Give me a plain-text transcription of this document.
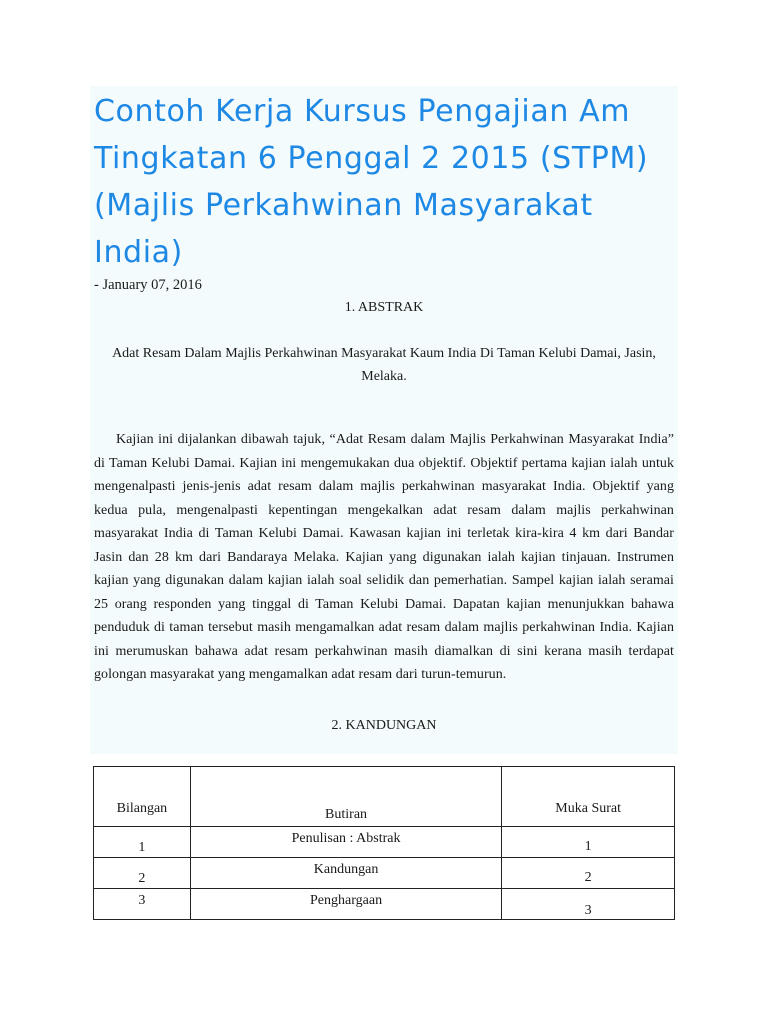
Contoh Kerja Kursus Pengajian Am Tingkatan 6 Penggal 2 2015 (STPM) (Majlis Perkahwinan Masyarakat India)

- January 07, 2016

1. ABSTRAK

Adat Resam Dalam Majlis Perkahwinan Masyarakat Kaum India Di Taman Kelubi Damai, Jasin, Melaka.

Kajian ini dijalankan dibawah tajuk, “Adat Resam dalam Majlis Perkahwinan Masyarakat India” di Taman Kelubi Damai. Kajian ini mengemukakan dua objektif. Objektif pertama kajian ialah untuk mengenalpasti jenis-jenis adat resam dalam majlis perkahwinan masyarakat India. Objektif yang kedua pula, mengenalpasti kepentingan mengekalkan adat resam dalam majlis perkahwinan masyarakat India di Taman Kelubi Damai. Kawasan kajian ini terletak kira-kira 4 km dari Bandar Jasin dan 28 km dari Bandaraya Melaka. Kajian yang digunakan ialah kajian tinjauan. Instrumen kajian yang digunakan dalam kajian ialah soal selidik dan pemerhatian. Sampel kajian ialah seramai 25 orang responden yang tinggal di Taman Kelubi Damai. Dapatan kajian menunjukkan bahawa penduduk di taman tersebut masih mengamalkan adat resam dalam majlis perkahwinan India. Kajian ini merumuskan bahawa adat resam perkahwinan masih diamalkan di sini kerana masih terdapat golongan masyarakat yang mengamalkan adat resam dari turun-temurun.

2. KANDUNGAN
Bilangan	Butiran	Muka Surat

1	Penulisan : Abstrak	1

2	Kandungan	2

3	Penghargaan	3
